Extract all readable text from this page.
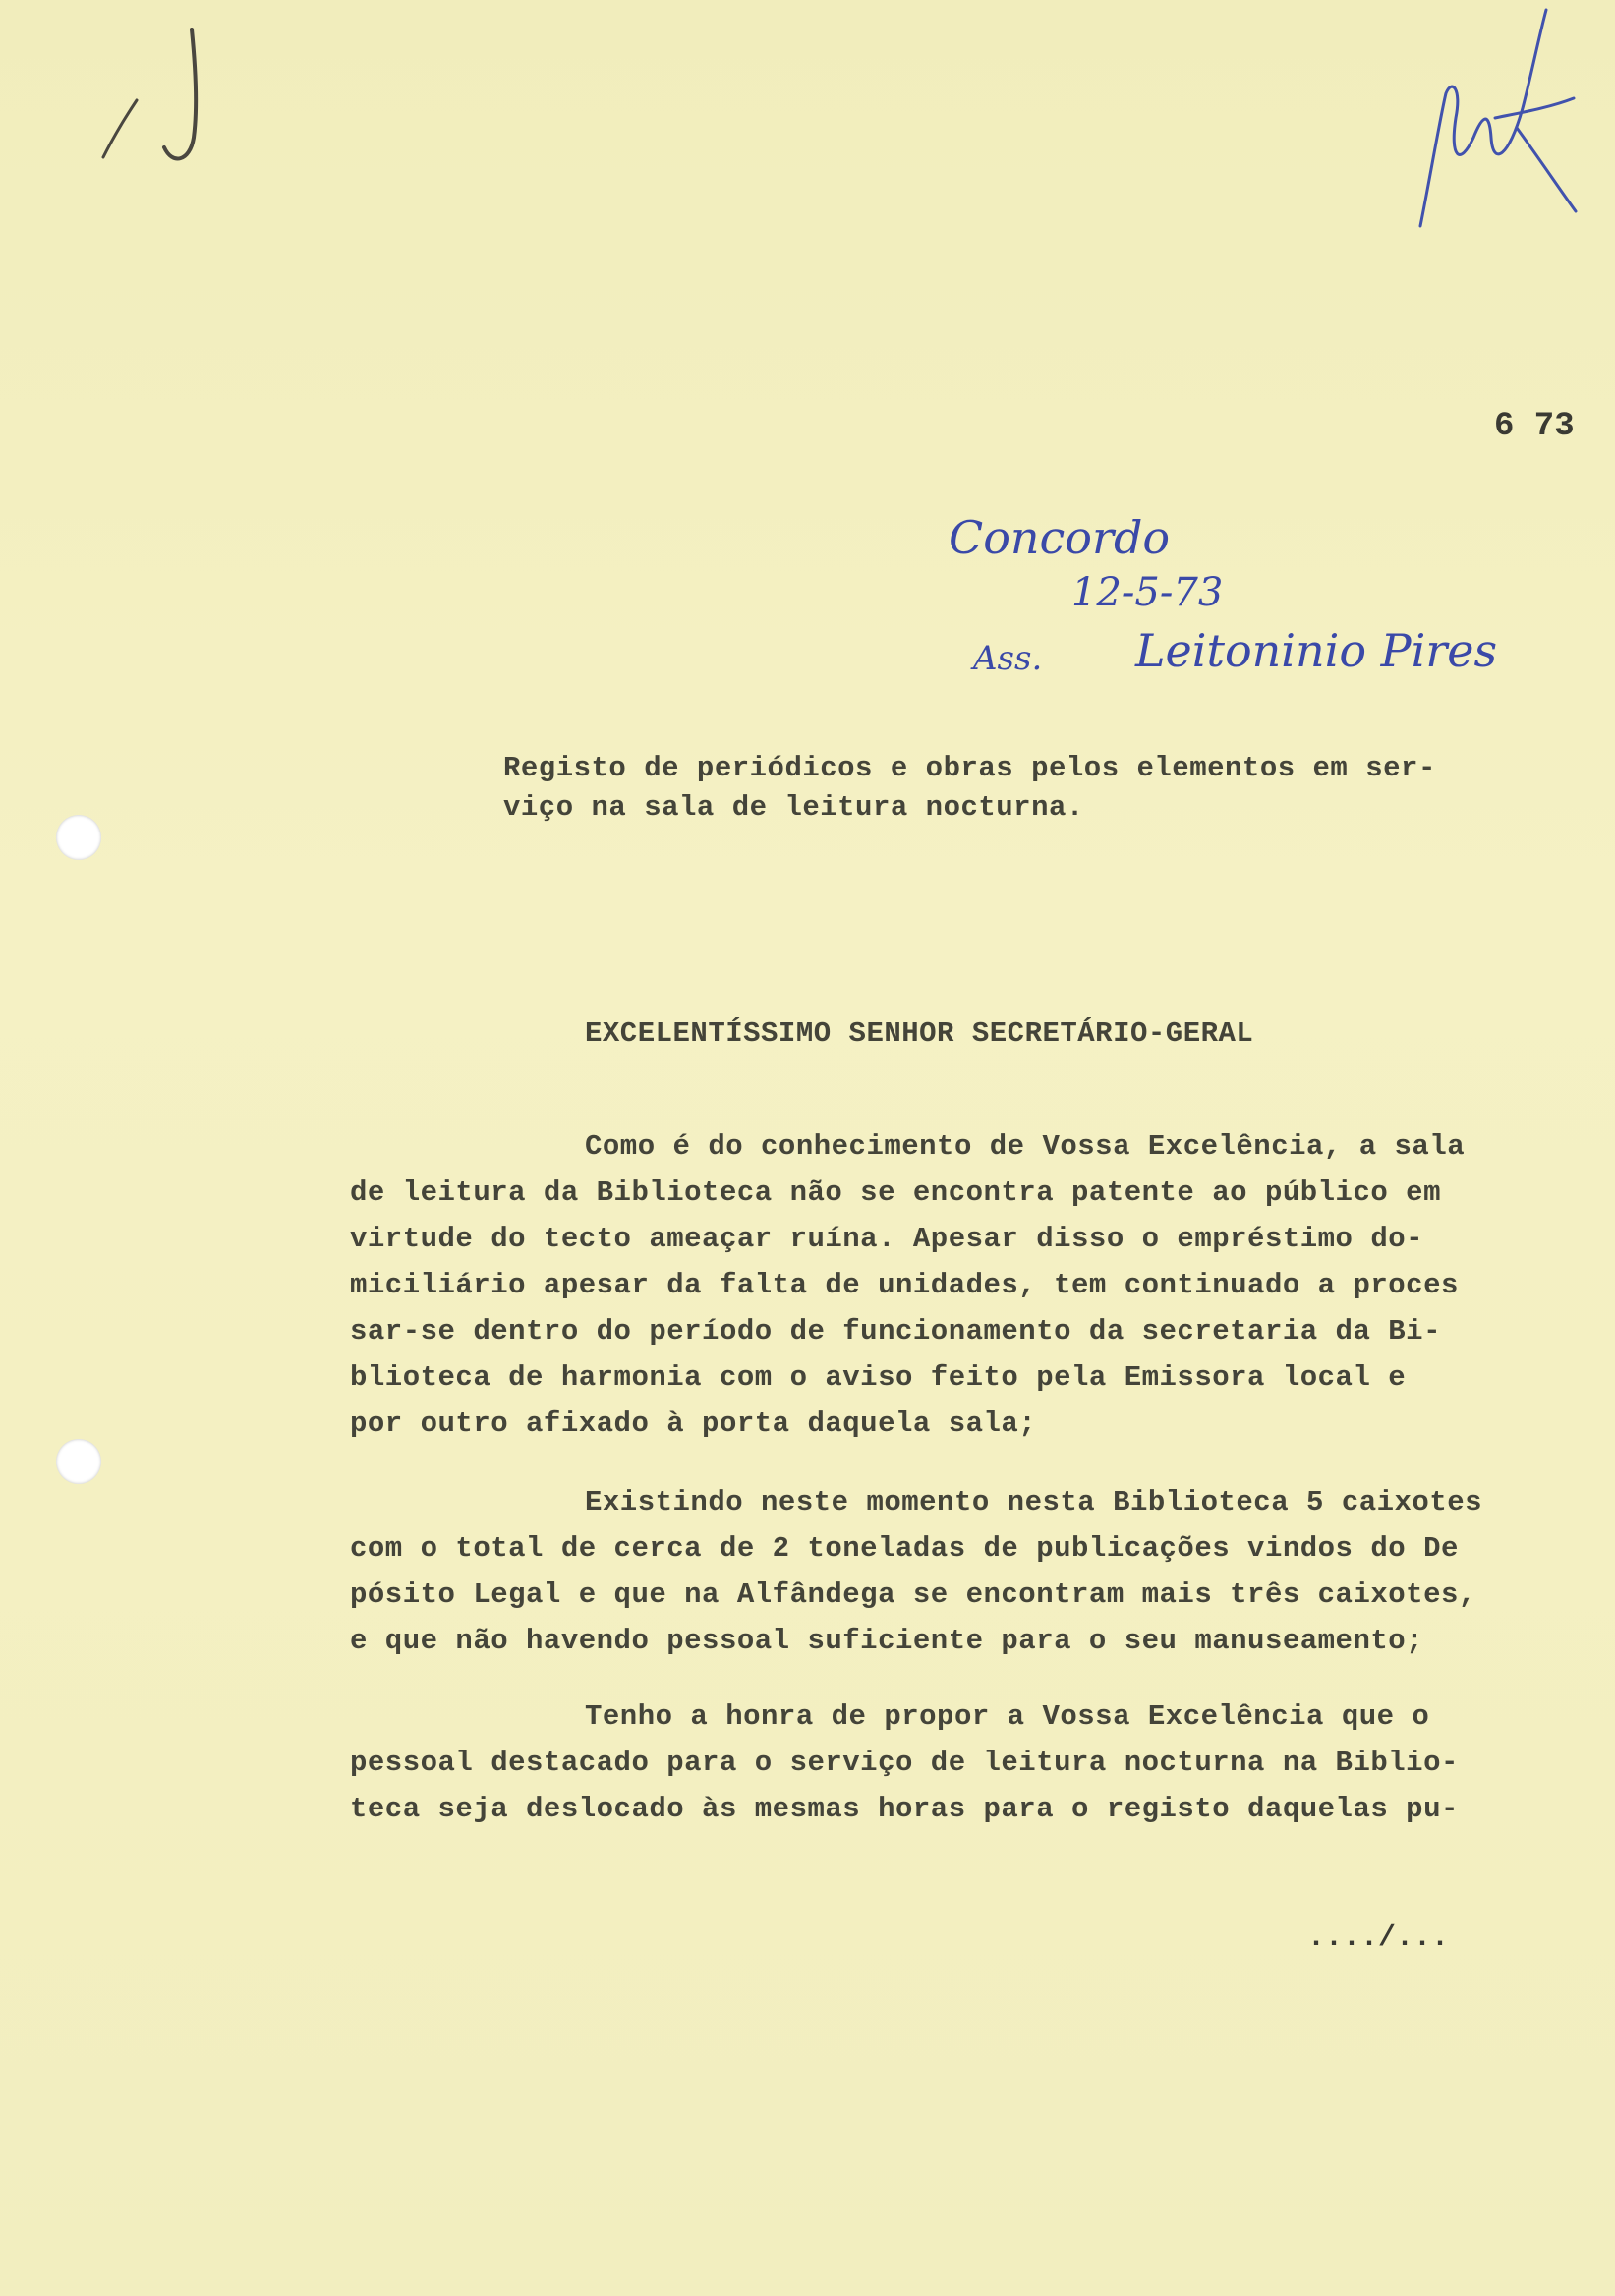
6 73
Concordo
12-5-73
Ass. Leitoninio Pires
Registo de periódicos e obras pelos elementos em ser-
viço na sala de leitura nocturna.
EXCELENTÍSSIMO SENHOR SECRETÁRIO-GERAL
Como é do conhecimento de Vossa Excelência, a sala
de leitura da Biblioteca não se encontra patente ao público em
virtude do tecto ameaçar ruína. Apesar disso o empréstimo do-
miciliário apesar da falta de unidades, tem continuado a proces
sar-se dentro do período de funcionamento da secretaria da Bi-
blioteca de harmonia com o aviso feito pela Emissora local e
por outro afixado à porta daquela sala;
Existindo neste momento nesta Biblioteca 5 caixotes
com o total de cerca de 2 toneladas de publicações vindos do De
pósito Legal e que na Alfândega se encontram mais três caixotes,
e que não havendo pessoal suficiente para o seu manuseamento;
Tenho a honra de propor a Vossa Excelência que o
pessoal destacado para o serviço de leitura nocturna na Biblio-
teca seja deslocado às mesmas horas para o registo daquelas pu-
..../...
